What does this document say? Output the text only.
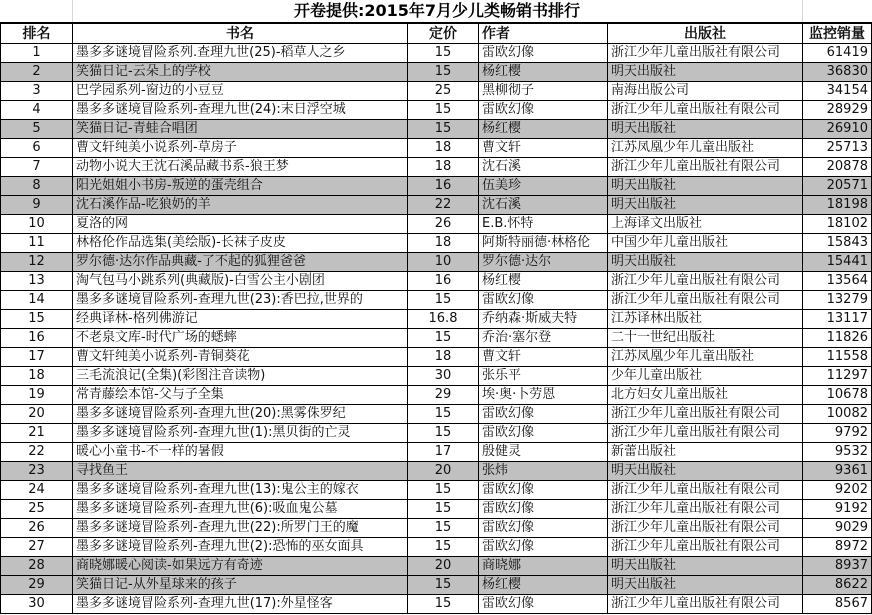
开卷提供:2015年7月少儿类畅销书排行
排名	书名	定价	作者	出版社	监控销量
1	墨多多谜境冒险系列.查理九世(25)-稻草人之乡	15	雷欧幻像	浙江少年儿童出版社有限公司	61419
2	笑猫日记-云朵上的学校	15	杨红樱	明天出版社	36830
3	巴学园系列-窗边的小豆豆	25	黑柳彻子	南海出版公司	34154
4	墨多多谜境冒险系列-查理九世(24):末日浮空城	15	雷欧幻像	浙江少年儿童出版社有限公司	28929
5	笑猫日记-青蛙合唱团	15	杨红樱	明天出版社	26910
6	曹文轩纯美小说系列-草房子	18	曹文轩	江苏凤凰少年儿童出版社	25713
7	动物小说大王沈石溪品藏书系-狼王梦	18	沈石溪	浙江少年儿童出版社有限公司	20878
8	阳光姐姐小书房-叛逆的蛋壳组合	16	伍美珍	明天出版社	20571
9	沈石溪作品-吃狼奶的羊	22	沈石溪	明天出版社	18198
10	夏洛的网	26	E.B.怀特	上海译文出版社	18102
11	林格伦作品选集(美绘版)-长袜子皮皮	18	阿斯特丽德·林格伦	中国少年儿童出版社	15843
12	罗尔德·达尔作品典藏-了不起的狐狸爸爸	10	罗尔德·达尔	明天出版社	15441
13	淘气包马小跳系列(典藏版)-白雪公主小剧团	16	杨红樱	浙江少年儿童出版社有限公司	13564
14	墨多多谜境冒险系列-查理九世(23):香巴拉,世界的	15	雷欧幻像	浙江少年儿童出版社有限公司	13279
15	经典译林-格列佛游记	16.8	乔纳森·斯威夫特	江苏译林出版社	13117
16	不老泉文库-时代广场的蟋蟀	15	乔治·塞尔登	二十一世纪出版社	11826
17	曹文轩纯美小说系列-青铜葵花	18	曹文轩	江苏凤凰少年儿童出版社	11558
18	三毛流浪记(全集)(彩图注音读物)	30	张乐平	少年儿童出版社	11297
19	常青藤绘本馆-父与子全集	29	埃·奥·卜劳恩	北方妇女儿童出版社	10678
20	墨多多谜境冒险系列-查理九世(20):黑雾侏罗纪	15	雷欧幻像	浙江少年儿童出版社有限公司	10082
21	墨多多谜境冒险系列-查理九世(1):黑贝街的亡灵	15	雷欧幻像	浙江少年儿童出版社有限公司	9792
22	暖心小童书-不一样的暑假	17	殷健灵	新蕾出版社	9532
23	寻找鱼王	20	张炜	明天出版社	9361
24	墨多多谜境冒险系列-查理九世(13):鬼公主的嫁衣	15	雷欧幻像	浙江少年儿童出版社有限公司	9202
25	墨多多谜境冒险系列-查理九世(6):吸血鬼公墓	15	雷欧幻像	浙江少年儿童出版社有限公司	9192
26	墨多多谜境冒险系列-查理九世(22):所罗门王的魔	15	雷欧幻像	浙江少年儿童出版社有限公司	9029
27	墨多多谜境冒险系列-查理九世(2):恐怖的巫女面具	15	雷欧幻像	浙江少年儿童出版社有限公司	8972
28	商晓娜暖心阅读-如果远方有奇迹	20	商晓娜	明天出版社	8937
29	笑猫日记-从外星球来的孩子	15	杨红樱	明天出版社	8622
30	墨多多谜境冒险系列-查理九世(17):外星怪客	15	雷欧幻像	浙江少年儿童出版社有限公司	8567
